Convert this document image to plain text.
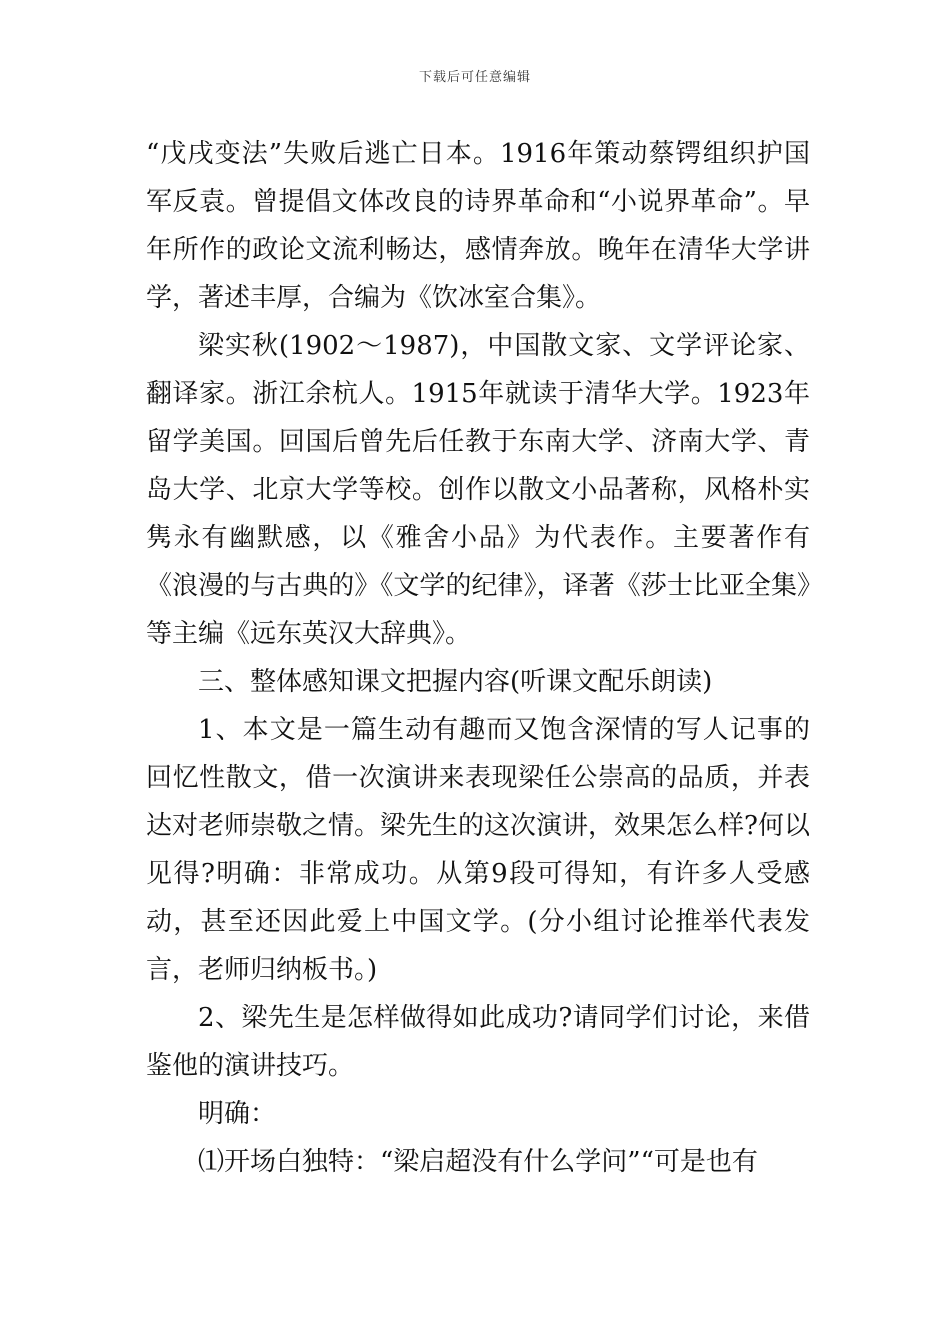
下载后可任意编辑

“戊戌变法”失败后逃亡日本。1916年策动蔡锷组织护国军反袁。曾提倡文体改良的诗界革命和“小说界革命”。早年所作的政论文流利畅达，感情奔放。晚年在清华大学讲学，著述丰厚，合编为《饮冰室合集》。

梁实秋(1902～1987)，中国散文家、文学评论家、翻译家。浙江余杭人。1915年就读于清华大学。1923年留学美国。回国后曾先后任教于东南大学、济南大学、青岛大学、北京大学等校。创作以散文小品著称，风格朴实隽永有幽默感，以《雅舍小品》为代表作。主要著作有《浪漫的与古典的》《文学的纪律》，译著《莎士比亚全集》等主编《远东英汉大辞典》。

三、整体感知课文把握内容(听课文配乐朗读)

1、本文是一篇生动有趣而又饱含深情的写人记事的回忆性散文，借一次演讲来表现梁任公崇高的品质，并表达对老师崇敬之情。梁先生的这次演讲，效果怎么样?何以见得?明确：非常成功。从第9段可得知，有许多人受感动，甚至还因此爱上中国文学。(分小组讨论推举代表发言，老师归纳板书。)

2、梁先生是怎样做得如此成功?请同学们讨论，来借鉴他的演讲技巧。

明确：

⑴开场白独特：“梁启超没有什么学问”“可是也有
